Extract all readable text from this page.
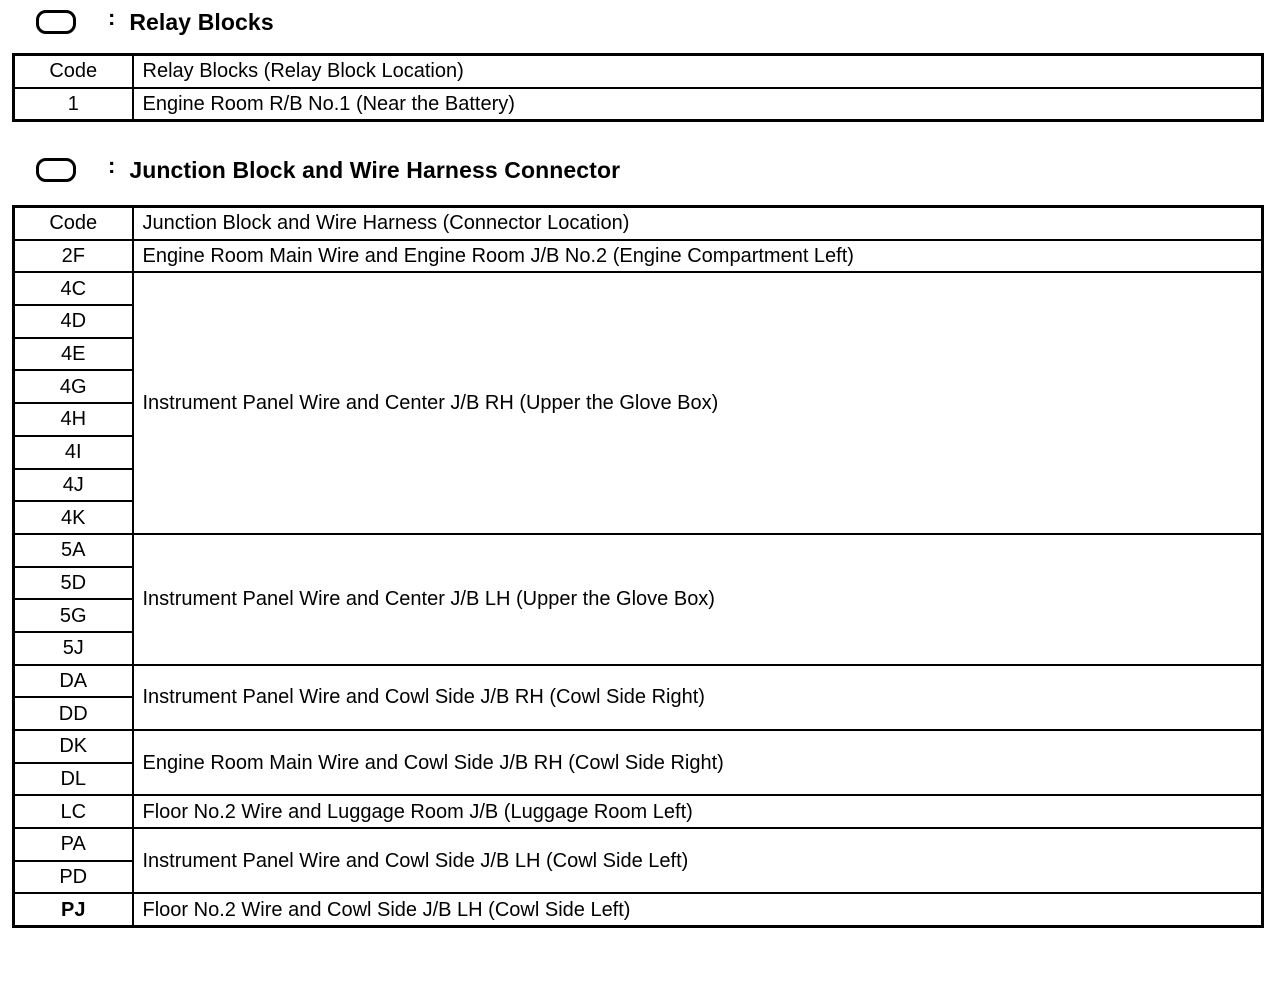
: Relay Blocks
Code	Relay Blocks (Relay Block Location)
1	Engine Room R/B No.1 (Near the Battery)
: Junction Block and Wire Harness Connector
Code	Junction Block and Wire Harness (Connector Location)
2F	Engine Room Main Wire and Engine Room J/B No.2 (Engine Compartment Left)
4C	Instrument Panel Wire and Center J/B RH (Upper the Glove Box)
4D	
4E	
4G	
4H	
4I	
4J	
4K	
5A	Instrument Panel Wire and Center J/B LH (Upper the Glove Box)
5D	
5G	
5J	
DA	Instrument Panel Wire and Cowl Side J/B RH (Cowl Side Right)
DD	
DK	Engine Room Main Wire and Cowl Side J/B RH (Cowl Side Right)
DL	
LC	Floor No.2 Wire and Luggage Room J/B (Luggage Room Left)
PA	Instrument Panel Wire and Cowl Side J/B LH (Cowl Side Left)
PD	
PJ	Floor No.2 Wire and Cowl Side J/B LH (Cowl Side Left)
